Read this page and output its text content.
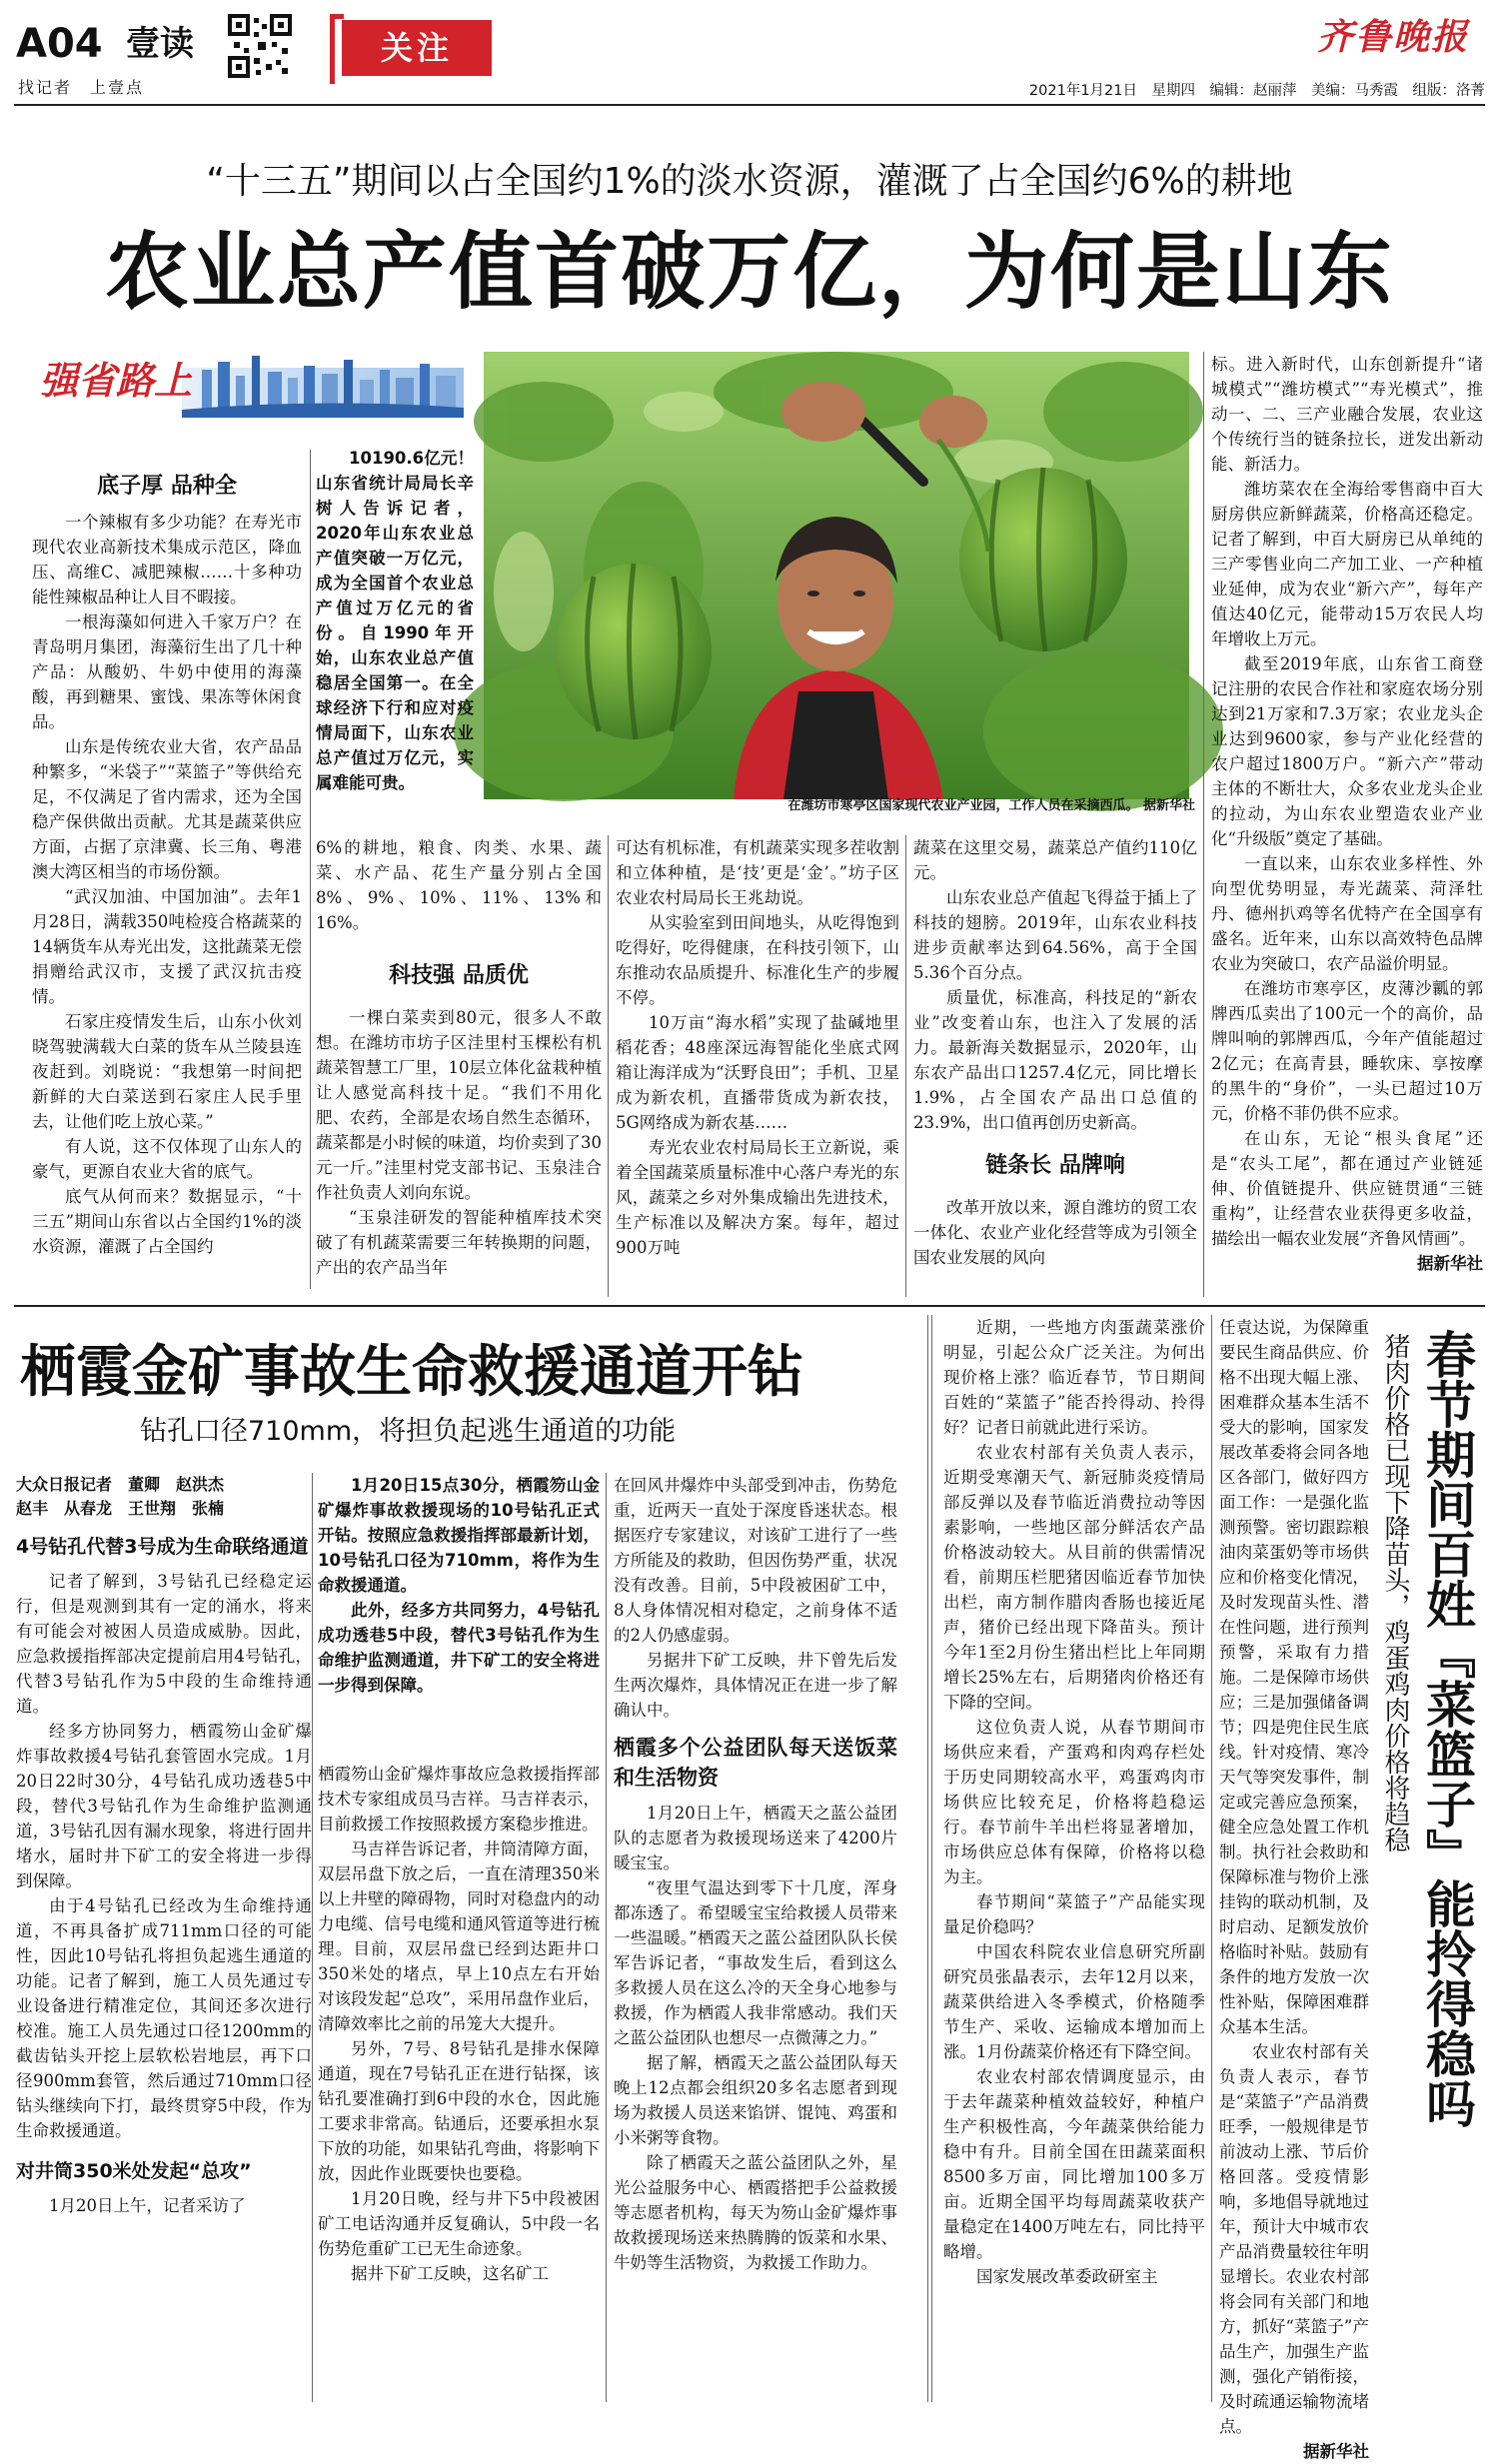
A04 壹读
找记者　上壹点
关注	齐鲁晚报
2021年1月21日　星期四　编辑：赵丽萍　美编：马秀霞　组版：洛菁
“十三五”期间以占全国约1%的淡水资源，灌溉了占全国约6%的耕地
农业总产值首破万亿，为何是山东
强省路上
在潍坊市寒亭区国家现代农业产业园，工作人员在采摘西瓜。 据新华社
底子厚 品种全

一个辣椒有多少功能？在寿光市现代农业高新技术集成示范区，降血压、高维C、减肥辣椒……十多种功能性辣椒品种让人目不暇接。

一根海藻如何进入千家万户？在青岛明月集团，海藻衍生出了几十种产品：从酸奶、牛奶中使用的海藻酸，再到糖果、蜜饯、果冻等休闲食品。

山东是传统农业大省，农产品品种繁多，“米袋子”“菜篮子”等供给充足，不仅满足了省内需求，还为全国稳产保供做出贡献。尤其是蔬菜供应方面，占据了京津冀、长三角、粤港澳大湾区相当的市场份额。

“武汉加油、中国加油”。去年1月28日，满载350吨检疫合格蔬菜的14辆货车从寿光出发，这批蔬菜无偿捐赠给武汉市，支援了武汉抗击疫情。

石家庄疫情发生后，山东小伙刘晓驾驶满载大白菜的货车从兰陵县连夜赶到。刘晓说：“我想第一时间把新鲜的大白菜送到石家庄人民手里去，让他们吃上放心菜。”

有人说，这不仅体现了山东人的豪气，更源自农业大省的底气。

底气从何而来？数据显示，“十三五”期间山东省以占全国约1%的淡水资源，灌溉了占全国约

10190.6亿元！山东省统计局局长辛树人告诉记者，2020年山东农业总产值突破一万亿元，成为全国首个农业总产值过万亿元的省份。自1990年开始，山东农业总产值稳居全国第一。在全球经济下行和应对疫情局面下，山东农业总产值过万亿元，实属难能可贵。

6%的耕地，粮食、肉类、水果、蔬菜、水产品、花生产量分别占全国8%、9%、10%、11%、13%和16%。

科技强 品质优

一棵白菜卖到80元，很多人不敢想。在潍坊市坊子区洼里村玉棵松有机蔬菜智慧工厂里，10层立体化盆栽种植让人感觉高科技十足。“我们不用化肥、农药，全部是农场自然生态循环，蔬菜都是小时候的味道，均价卖到了30元一斤。”洼里村党支部书记、玉泉洼合作社负责人刘向东说。

“玉泉洼研发的智能种植库技术突破了有机蔬菜需要三年转换期的问题，产出的农产品当年

可达有机标准，有机蔬菜实现多茬收割和立体种植，是‘技’更是‘金’。”坊子区农业农村局局长王兆劫说。

从实验室到田间地头，从吃得饱到吃得好，吃得健康，在科技引领下，山东推动农品质提升、标准化生产的步履不停。

10万亩“海水稻”实现了盐碱地里稻花香；48座深远海智能化坐底式网箱让海洋成为“沃野良田”；手机、卫星成为新农机，直播带货成为新农技，5G网络成为新农基……

寿光农业农村局局长王立新说，乘着全国蔬菜质量标准中心落户寿光的东风，蔬菜之乡对外集成输出先进技术，生产标准以及解决方案。每年，超过900万吨

蔬菜在这里交易，蔬菜总产值约110亿元。

山东农业总产值起飞得益于插上了科技的翅膀。2019年，山东农业科技进步贡献率达到64.56%，高于全国5.36个百分点。

质量优，标准高，科技足的“新农业”改变着山东，也注入了发展的活力。最新海关数据显示，2020年，山东农产品出口1257.4亿元，同比增长1.9%，占全国农产品出口总值的23.9%，出口值再创历史新高。

链条长 品牌响

改革开放以来，源自潍坊的贸工农一体化、农业产业化经营等成为引领全国农业发展的风向

标。进入新时代，山东创新提升“诸城模式”“潍坊模式”“寿光模式”，推动一、二、三产业融合发展，农业这个传统行当的链条拉长，迸发出新动能、新活力。

潍坊菜农在全海给零售商中百大厨房供应新鲜蔬菜，价格高还稳定。记者了解到，中百大厨房已从单纯的三产零售业向二产加工业、一产种植业延伸，成为农业“新六产”，每年产值达40亿元，能带动15万农民人均年增收上万元。

截至2019年底，山东省工商登记注册的农民合作社和家庭农场分别达到21万家和7.3万家；农业龙头企业达到9600家，参与产业化经营的农户超过1800万户。“新六产”带动主体的不断壮大，众多农业龙头企业的拉动，为山东农业塑造农业产业化“升级版”奠定了基础。

一直以来，山东农业多样性、外向型优势明显，寿光蔬菜、菏泽牡丹、德州扒鸡等名优特产在全国享有盛名。近年来，山东以高效特色品牌农业为突破口，农产品溢价明显。

在潍坊市寒亭区，皮薄沙瓤的郭牌西瓜卖出了100元一个的高价，品牌叫响的郭牌西瓜，今年产值能超过2亿元；在高青县，睡软床、享按摩的黑牛的“身价”，一头已超过10万元，价格不菲仍供不应求。

在山东，无论“根头食尾”还是“农头工尾”，都在通过产业链延伸、价值链提升、供应链贯通“三链重构”，让经营农业获得更多收益，描绘出一幅农业发展“齐鲁风情画”。

据新华社
栖霞金矿事故生命救援通道开钻
钻孔口径710mm，将担负起逃生通道的功能
大众日报记者　董卿　赵洪杰
赵丰　从春龙　王世翔　张楠
4号钻孔代替3号成为生命联络通道

记者了解到，3号钻孔已经稳定运行，但是观测到其有一定的涌水，将来有可能会对被困人员造成威胁。因此，应急救援指挥部决定提前启用4号钻孔，代替3号钻孔作为5中段的生命维持通道。

经多方协同努力，栖霞笏山金矿爆炸事故救援4号钻孔套管固水完成。1月20日22时30分，4号钻孔成功透巷5中段，替代3号钻孔作为生命维护监测通道，3号钻孔因有漏水现象，将进行固井堵水，届时井下矿工的安全将进一步得到保障。

由于4号钻孔已经改为生命维持通道，不再具备扩成711mm口径的可能性，因此10号钻孔将担负起逃生通道的功能。记者了解到，施工人员先通过专业设备进行精准定位，其间还多次进行校准。施工人员先通过口径1200mm的截齿钻头开挖上层软松岩地层，再下口径900mm套管，然后通过710mm口径钻头继续向下打，最终贯穿5中段，作为生命救援通道。

对井筒350米处发起“总攻”

1月20日上午，记者采访了

1月20日15点30分，栖霞笏山金矿爆炸事故救援现场的10号钻孔正式开钻。按照应急救援指挥部最新计划，10号钻孔口径为710mm，将作为生命救援通道。

此外，经多方共同努力，4号钻孔成功透巷5中段，替代3号钻孔作为生命维护监测通道，井下矿工的安全将进一步得到保障。

栖霞笏山金矿爆炸事故应急救援指挥部技术专家组成员马吉祥。马吉祥表示，目前救援工作按照救援方案稳步推进。

马吉祥告诉记者，井筒清障方面，双层吊盘下放之后，一直在清理350米以上井壁的障碍物，同时对稳盘内的动力电缆、信号电缆和通风管道等进行梳理。目前，双层吊盘已经到达距井口350米处的堵点，早上10点左右开始对该段发起“总攻”，采用吊盘作业后，清障效率比之前的吊笼大大提升。

另外，7号、8号钻孔是排水保障通道，现在7号钻孔正在进行钻探，该钻孔要准确打到6中段的水仓，因此施工要求非常高。钻通后，还要承担水泵下放的功能，如果钻孔弯曲，将影响下放，因此作业既要快也要稳。

1月20日晚，经与井下5中段被困矿工电话沟通并反复确认，5中段一名伤势危重矿工已无生命迹象。

据井下矿工反映，这名矿工

在回风井爆炸中头部受到冲击，伤势危重，近两天一直处于深度昏迷状态。根据医疗专家建议，对该矿工进行了一些方所能及的救助，但因伤势严重，状况没有改善。目前，5中段被困矿工中，8人身体情况相对稳定，之前身体不适的2人仍感虚弱。

另据井下矿工反映，井下曾先后发生两次爆炸，具体情况正在进一步了解确认中。

栖霞多个公益团队每天送饭菜和生活物资

1月20日上午，栖霞天之蓝公益团队的志愿者为救援现场送来了4200片暖宝宝。

“夜里气温达到零下十几度，浑身都冻透了。希望暖宝宝给救援人员带来一些温暖。”栖霞天之蓝公益团队队长侯军告诉记者，“事故发生后，看到这么多救援人员在这么冷的天全身心地参与救援，作为栖霞人我非常感动。我们天之蓝公益团队也想尽一点微薄之力。”

据了解，栖霞天之蓝公益团队每天晚上12点都会组织20多名志愿者到现场为救援人员送来馅饼、馄饨、鸡蛋和小米粥等食物。

除了栖霞天之蓝公益团队之外，星光公益服务中心、栖霞搭把手公益救援等志愿者机构，每天为笏山金矿爆炸事故救援现场送来热腾腾的饭菜和水果、牛奶等生活物资，为救援工作助力。

近期，一些地方肉蛋蔬菜涨价明显，引起公众广泛关注。为何出现价格上涨？临近春节，节日期间百姓的“菜篮子”能否拎得动、拎得好？记者日前就此进行采访。

农业农村部有关负责人表示，近期受寒潮天气、新冠肺炎疫情局部反弹以及春节临近消费拉动等因素影响，一些地区部分鲜活农产品价格波动较大。从目前的供需情况看，前期压栏肥猪因临近春节加快出栏，南方制作腊肉香肠也接近尾声，猪价已经出现下降苗头。预计今年1至2月份生猪出栏比上年同期增长25%左右，后期猪肉价格还有下降的空间。

这位负责人说，从春节期间市场供应来看，产蛋鸡和肉鸡存栏处于历史同期较高水平，鸡蛋鸡肉市场供应比较充足，价格将趋稳运行。春节前牛羊出栏将显著增加，市场供应总体有保障，价格将以稳为主。

春节期间“菜篮子”产品能实现量足价稳吗？

中国农科院农业信息研究所副研究员张晶表示，去年12月以来，蔬菜供给进入冬季模式，价格随季节生产、采收、运输成本增加而上涨。1月份蔬菜价格还有下降空间。

农业农村部农情调度显示，由于去年蔬菜种植效益较好，种植户生产积极性高，今年蔬菜供给能力稳中有升。目前全国在田蔬菜面积8500多万亩，同比增加100多万亩。近期全国平均每周蔬菜收获产量稳定在1400万吨左右，同比持平略增。

国家发展改革委政研室主

任袁达说，为保障重要民生商品供应、价格不出现大幅上涨、困难群众基本生活不受大的影响，国家发展改革委将会同各地区各部门，做好四方面工作：一是强化监测预警。密切跟踪粮油肉菜蛋奶等市场供应和价格变化情况，及时发现苗头性、潜在性问题，进行预判预警，采取有力措施。二是保障市场供应；三是加强储备调节；四是兜住民生底线。针对疫情、寒冷天气等突发事件，制定或完善应急预案，健全应急处置工作机制。执行社会救助和保障标准与物价上涨挂钩的联动机制，及时启动、足额发放价格临时补贴。鼓励有条件的地方发放一次性补贴，保障困难群众基本生活。

农业农村部有关负责人表示，春节是“菜篮子”产品消费旺季，一般规律是节前波动上涨、节后价格回落。受疫情影响，多地倡导就地过年，预计大中城市农产品消费量较往年明显增长。农业农村部将会同有关部门和地方，抓好“菜篮子”产品生产，加强生产监测，强化产销衔接，及时疏通运输物流堵点。

据新华社
猪肉价格已现下降苗头，鸡蛋鸡肉价格将趋稳 春节期间百姓『菜篮子』能拎得稳吗
